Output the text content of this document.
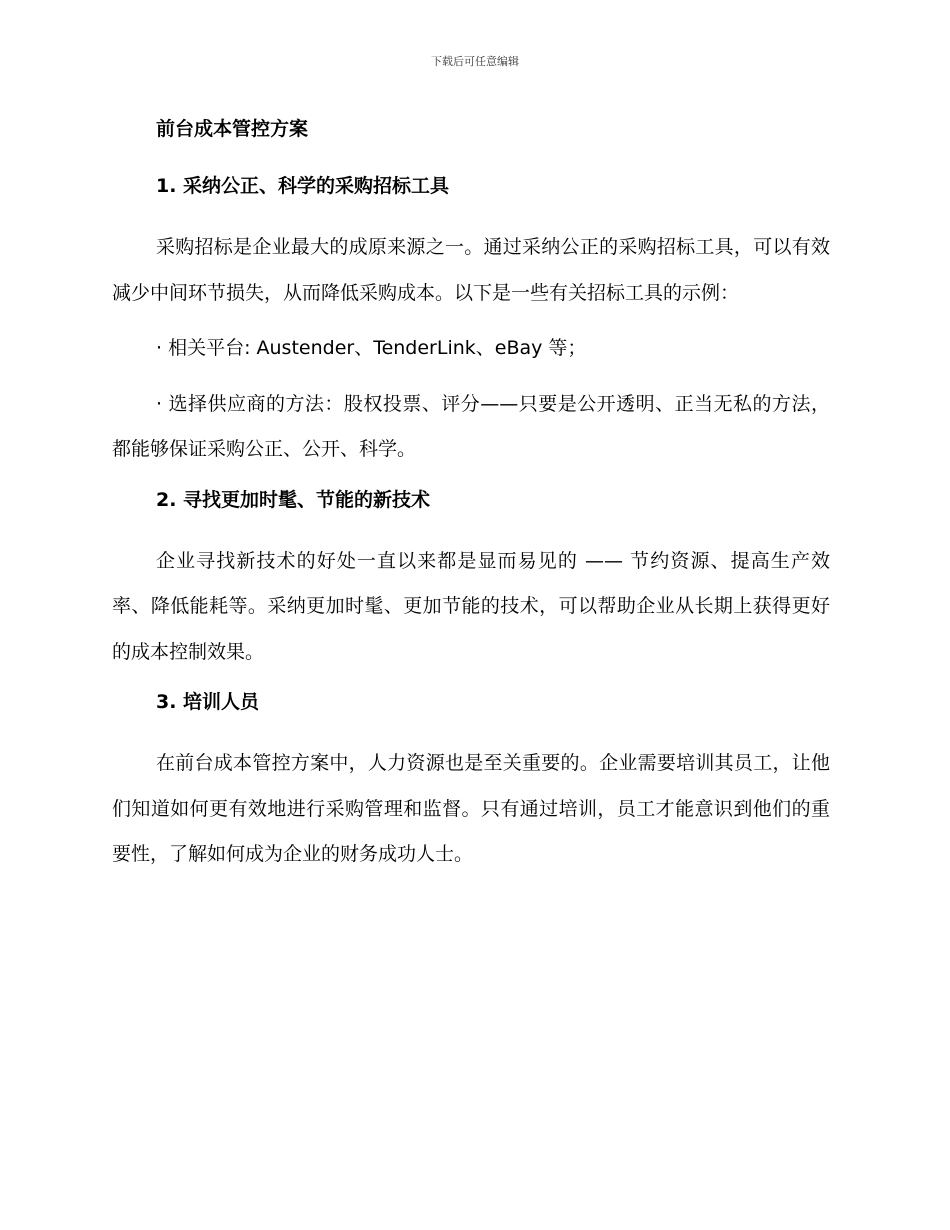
下载后可任意编辑

前台成本管控方案

1. 采纳公正、科学的采购招标工具

采购招标是企业最大的成原来源之一。通过采纳公正的采购招标工具，可以有效减少中间环节损失，从而降低采购成本。以下是一些有关招标工具的示例：

· 相关平台: Austender、TenderLink、eBay 等；

· 选择供应商的方法：股权投票、评分——只要是公开透明、正当无私的方法，都能够保证采购公正、公开、科学。

2. 寻找更加时髦、节能的新技术

企业寻找新技术的好处一直以来都是显而易见的 —— 节约资源、提高生产效率、降低能耗等。采纳更加时髦、更加节能的技术，可以帮助企业从长期上获得更好的成本控制效果。

3. 培训人员

在前台成本管控方案中，人力资源也是至关重要的。企业需要培训其员工，让他们知道如何更有效地进行采购管理和监督。只有通过培训，员工才能意识到他们的重要性，了解如何成为企业的财务成功人士。
